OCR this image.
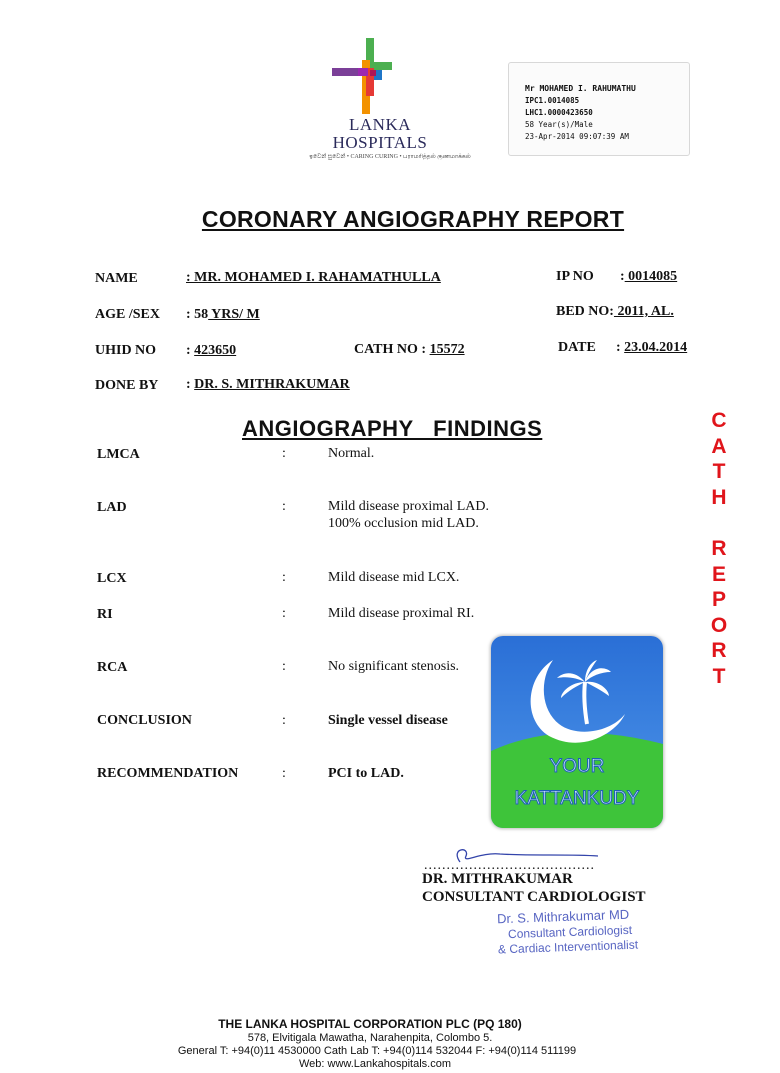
LANKA
HOSPITALS
ඉවෙන් සුවෙන් • CARING CURING • பராமரித்தல் குணமாக்கல்
Mr MOHAMED I. RAHUMATHU
IPC1.0014085
LHC1.0000423650
58 Year(s)/Male
23-Apr-2014 09:07:39 AM
CORONARY ANGIOGRAPHY REPORT
NAME	: MR. MOHAMED I. RAHAMATHULLA	IP NO : 0014085
AGE /SEX : 58 YRS/ M	BED NO: 2011, AL.
UHID NO : 423650	CATH NO : 15572	DATE : 23.04.2014
DONE BY : DR. S. MITHRAKUMAR
ANGIOGRAPHY   FINDINGS
LMCA	:	Normal.
LAD	:	Mild disease proximal LAD.
100% occlusion mid LAD.
LCX	:	Mild disease mid LCX.
RI	:	Mild disease proximal RI.
RCA	:	No significant stenosis.
CONCLUSION	:	Single vessel disease
RECOMMENDATION	:	PCI to LAD.
C
A
T
H
R
E
P
O
R
T
YOUR
KATTANKUDY
......................................
DR. MITHRAKUMAR
CONSULTANT CARDIOLOGIST
Dr. S. Mithrakumar MD
Consultant Cardiologist
& Cardiac Interventionalist
THE LANKA HOSPITAL CORPORATION PLC (PQ 180)
578, Elvitigala Mawatha, Narahenpita, Colombo 5.
General T: +94(0)11 4530000 Cath Lab T: +94(0)114 532044 F: +94(0)114 511199
Web: www.Lankahospitals.com
